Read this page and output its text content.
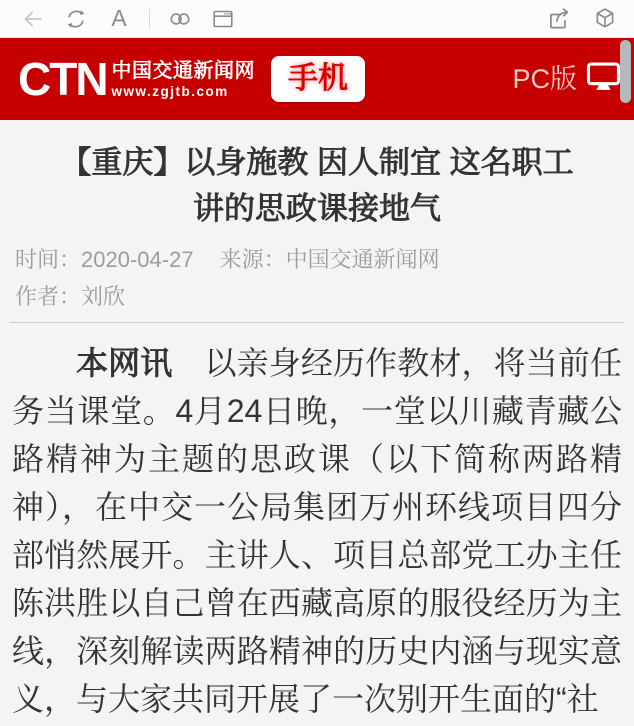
A
CTN 中国交通新闻网
www.zgjtb.com	手机	PC版
【重庆】以身施教 因人制宜 这名职工讲的思政课接地气
时间：2020-04-27 来源：中国交通新闻网
作者：刘欣

本网讯　以亲身经历作教材，将当前任务当课堂。4月24日晚，一堂以川藏青藏公路精神为主题的思政课（以下简称两路精神），在中交一公局集团万州环线项目四分部悄然展开。主讲人、项目总部党工办主任陈洪胜以自己曾在西藏高原的服役经历为主线，深刻解读两路精神的历史内涵与现实意义，与大家共同开展了一次别开生面的“社
